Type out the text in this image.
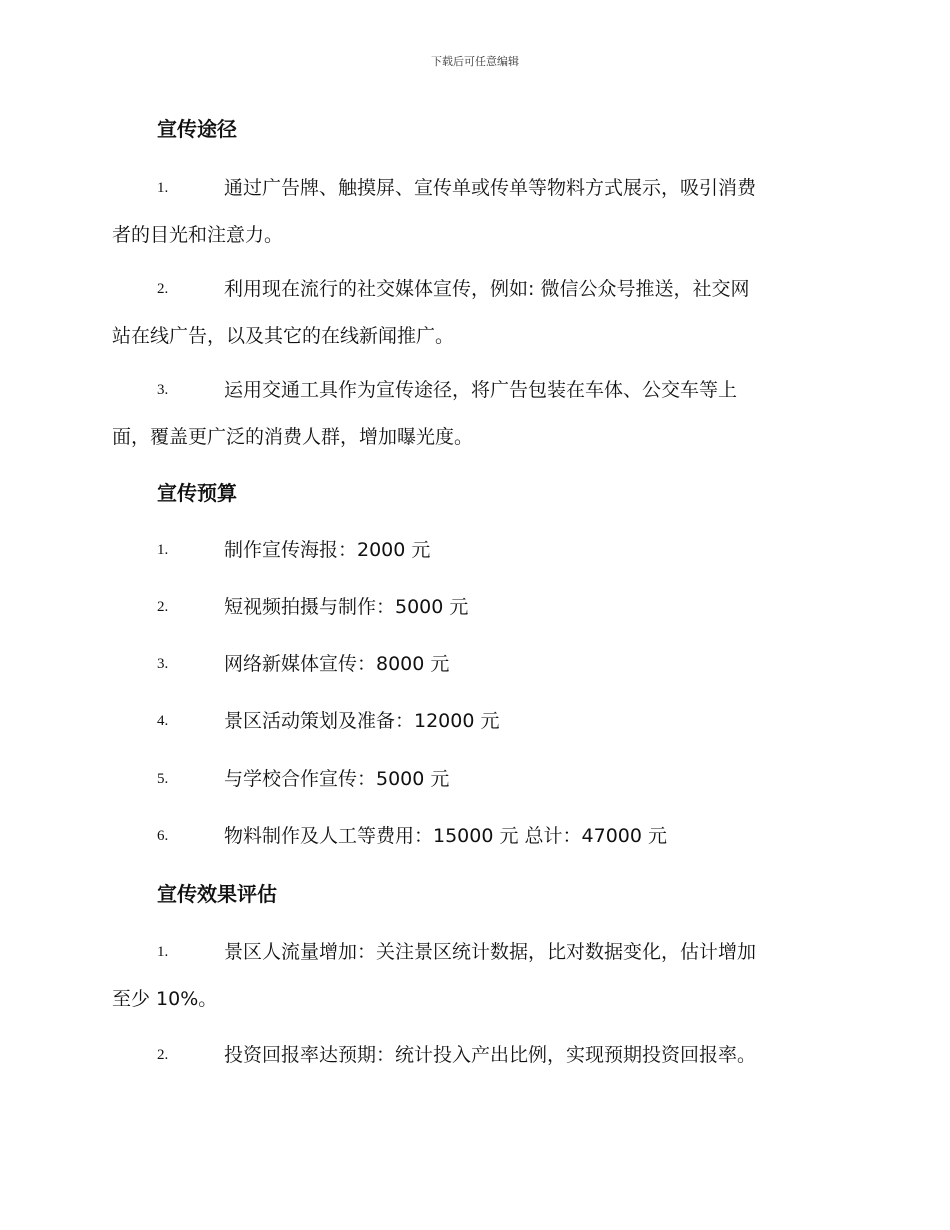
下载后可任意编辑
宣传途径
1.	通过广告牌、触摸屏、宣传单或传单等物料方式展示，吸引消费
者的目光和注意力。
2.	利用现在流行的社交媒体宣传，例如: 微信公众号推送，社交网
站在线广告，以及其它的在线新闻推广。
3.	运用交通工具作为宣传途径，将广告包装在车体、公交车等上
面，覆盖更广泛的消费人群，增加曝光度。
宣传预算
1.	制作宣传海报：2000 元
2.	短视频拍摄与制作：5000 元
3.	网络新媒体宣传：8000 元
4.	景区活动策划及准备：12000 元
5.	与学校合作宣传：5000 元
6.	物料制作及人工等费用：15000 元 总计：47000 元
宣传效果评估
1.	景区人流量增加：关注景区统计数据，比对数据变化，估计增加
至少 10%。
2.	投资回报率达预期：统计投入产出比例，实现预期投资回报率。
